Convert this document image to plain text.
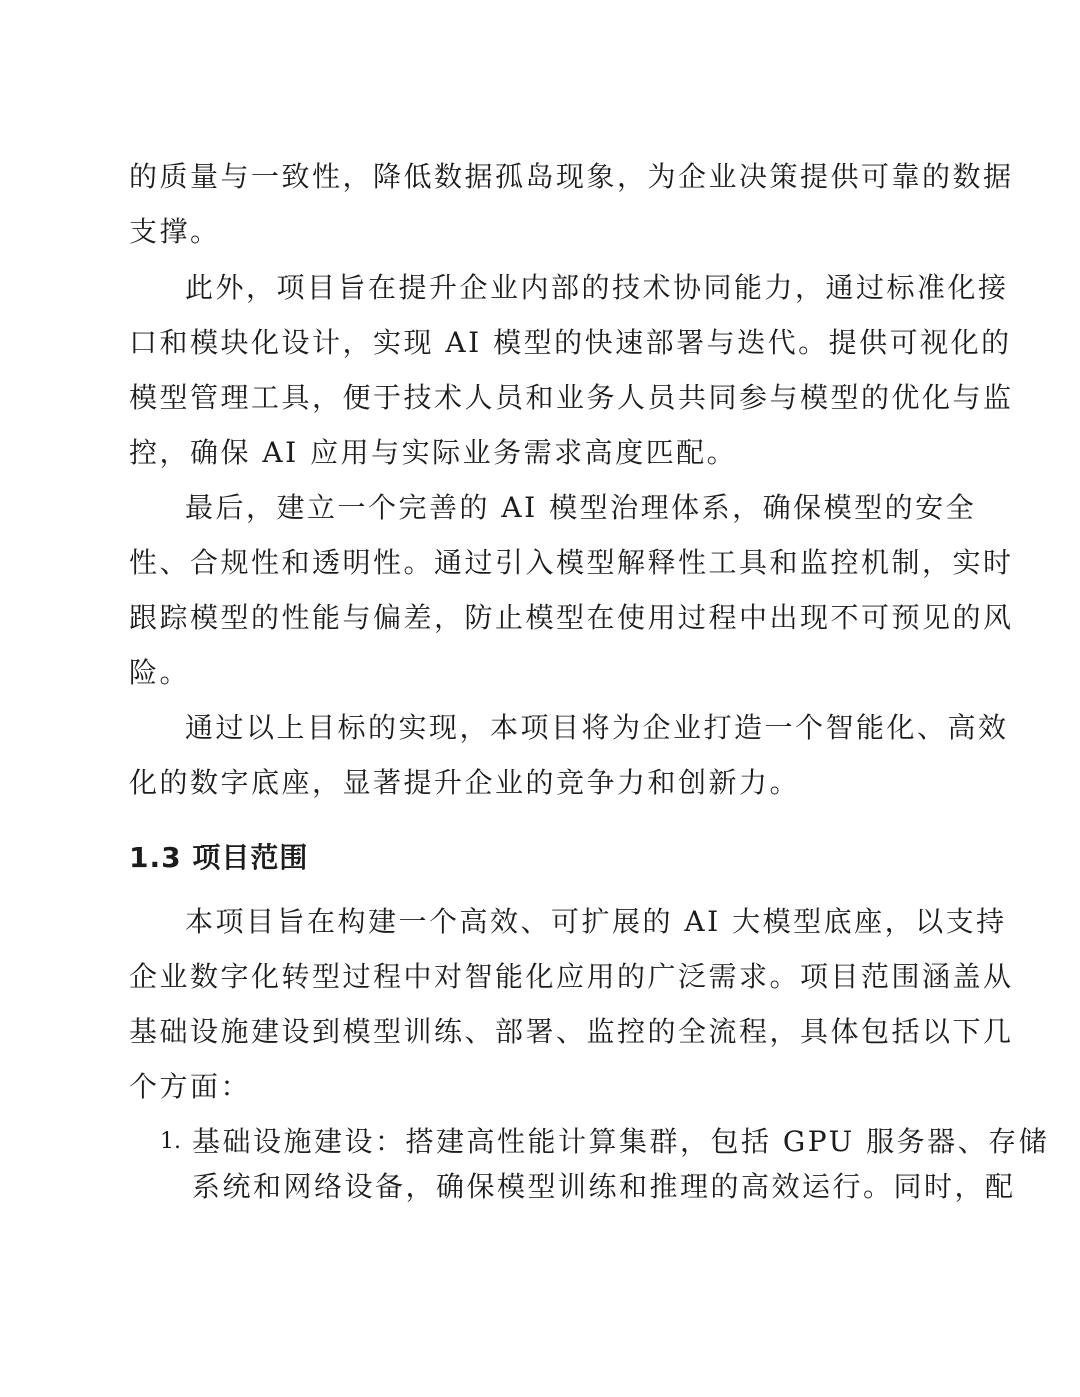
的质量与一致性，降低数据孤岛现象，为企业决策提供可靠的数据
支撑。
此外，项目旨在提升企业内部的技术协同能力，通过标准化接
口和模块化设计，实现 AI 模型的快速部署与迭代。提供可视化的
模型管理工具，便于技术人员和业务人员共同参与模型的优化与监
控，确保 AI 应用与实际业务需求高度匹配。
最后，建立一个完善的 AI 模型治理体系，确保模型的安全
性、合规性和透明性。通过引入模型解释性工具和监控机制，实时
跟踪模型的性能与偏差，防止模型在使用过程中出现不可预见的风
险。
通过以上目标的实现，本项目将为企业打造一个智能化、高效
化的数字底座，显著提升企业的竞争力和创新力。
1.3 项目范围
本项目旨在构建一个高效、可扩展的 AI 大模型底座，以支持
企业数字化转型过程中对智能化应用的广泛需求。项目范围涵盖从
基础设施建设到模型训练、部署、监控的全流程，具体包括以下几
个方面：
1. 基础设施建设：搭建高性能计算集群，包括 GPU 服务器、存储
系统和网络设备，确保模型训练和推理的高效运行。同时，配
